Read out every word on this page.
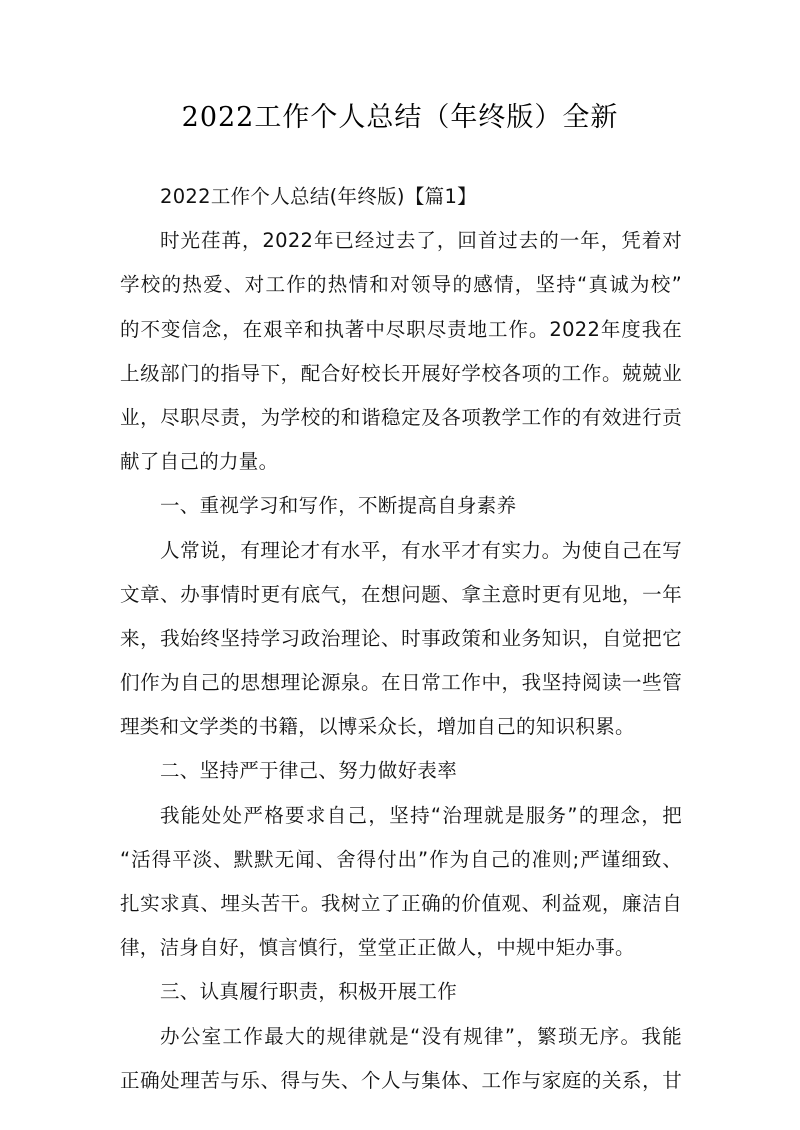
2022工作个人总结（年终版）全新
2022工作个人总结(年终版)【篇1】
时光荏苒，2022年已经过去了，回首过去的一年，凭着对
学校的热爱、对工作的热情和对领导的感情，坚持“真诚为校”
的不变信念，在艰辛和执著中尽职尽责地工作。2022年度我在
上级部门的指导下，配合好校长开展好学校各项的工作。兢兢业
业，尽职尽责，为学校的和谐稳定及各项教学工作的有效进行贡
献了自己的力量。
一、重视学习和写作，不断提高自身素养
人常说，有理论才有水平，有水平才有实力。为使自己在写
文章、办事情时更有底气，在想问题、拿主意时更有见地，一年
来，我始终坚持学习政治理论、时事政策和业务知识，自觉把它
们作为自己的思想理论源泉。在日常工作中，我坚持阅读一些管
理类和文学类的书籍，以博采众长，增加自己的知识积累。
二、坚持严于律己、努力做好表率
我能处处严格要求自己，坚持“治理就是服务”的理念，把
“活得平淡、默默无闻、舍得付出”作为自己的准则;严谨细致、
扎实求真、埋头苦干。我树立了正确的价值观、利益观，廉洁自
律，洁身自好，慎言慎行，堂堂正正做人，中规中矩办事。
三、认真履行职责，积极开展工作
办公室工作最大的规律就是“没有规律”，繁琐无序。我能
正确处理苦与乐、得与失、个人与集体、工作与家庭的关系，甘
